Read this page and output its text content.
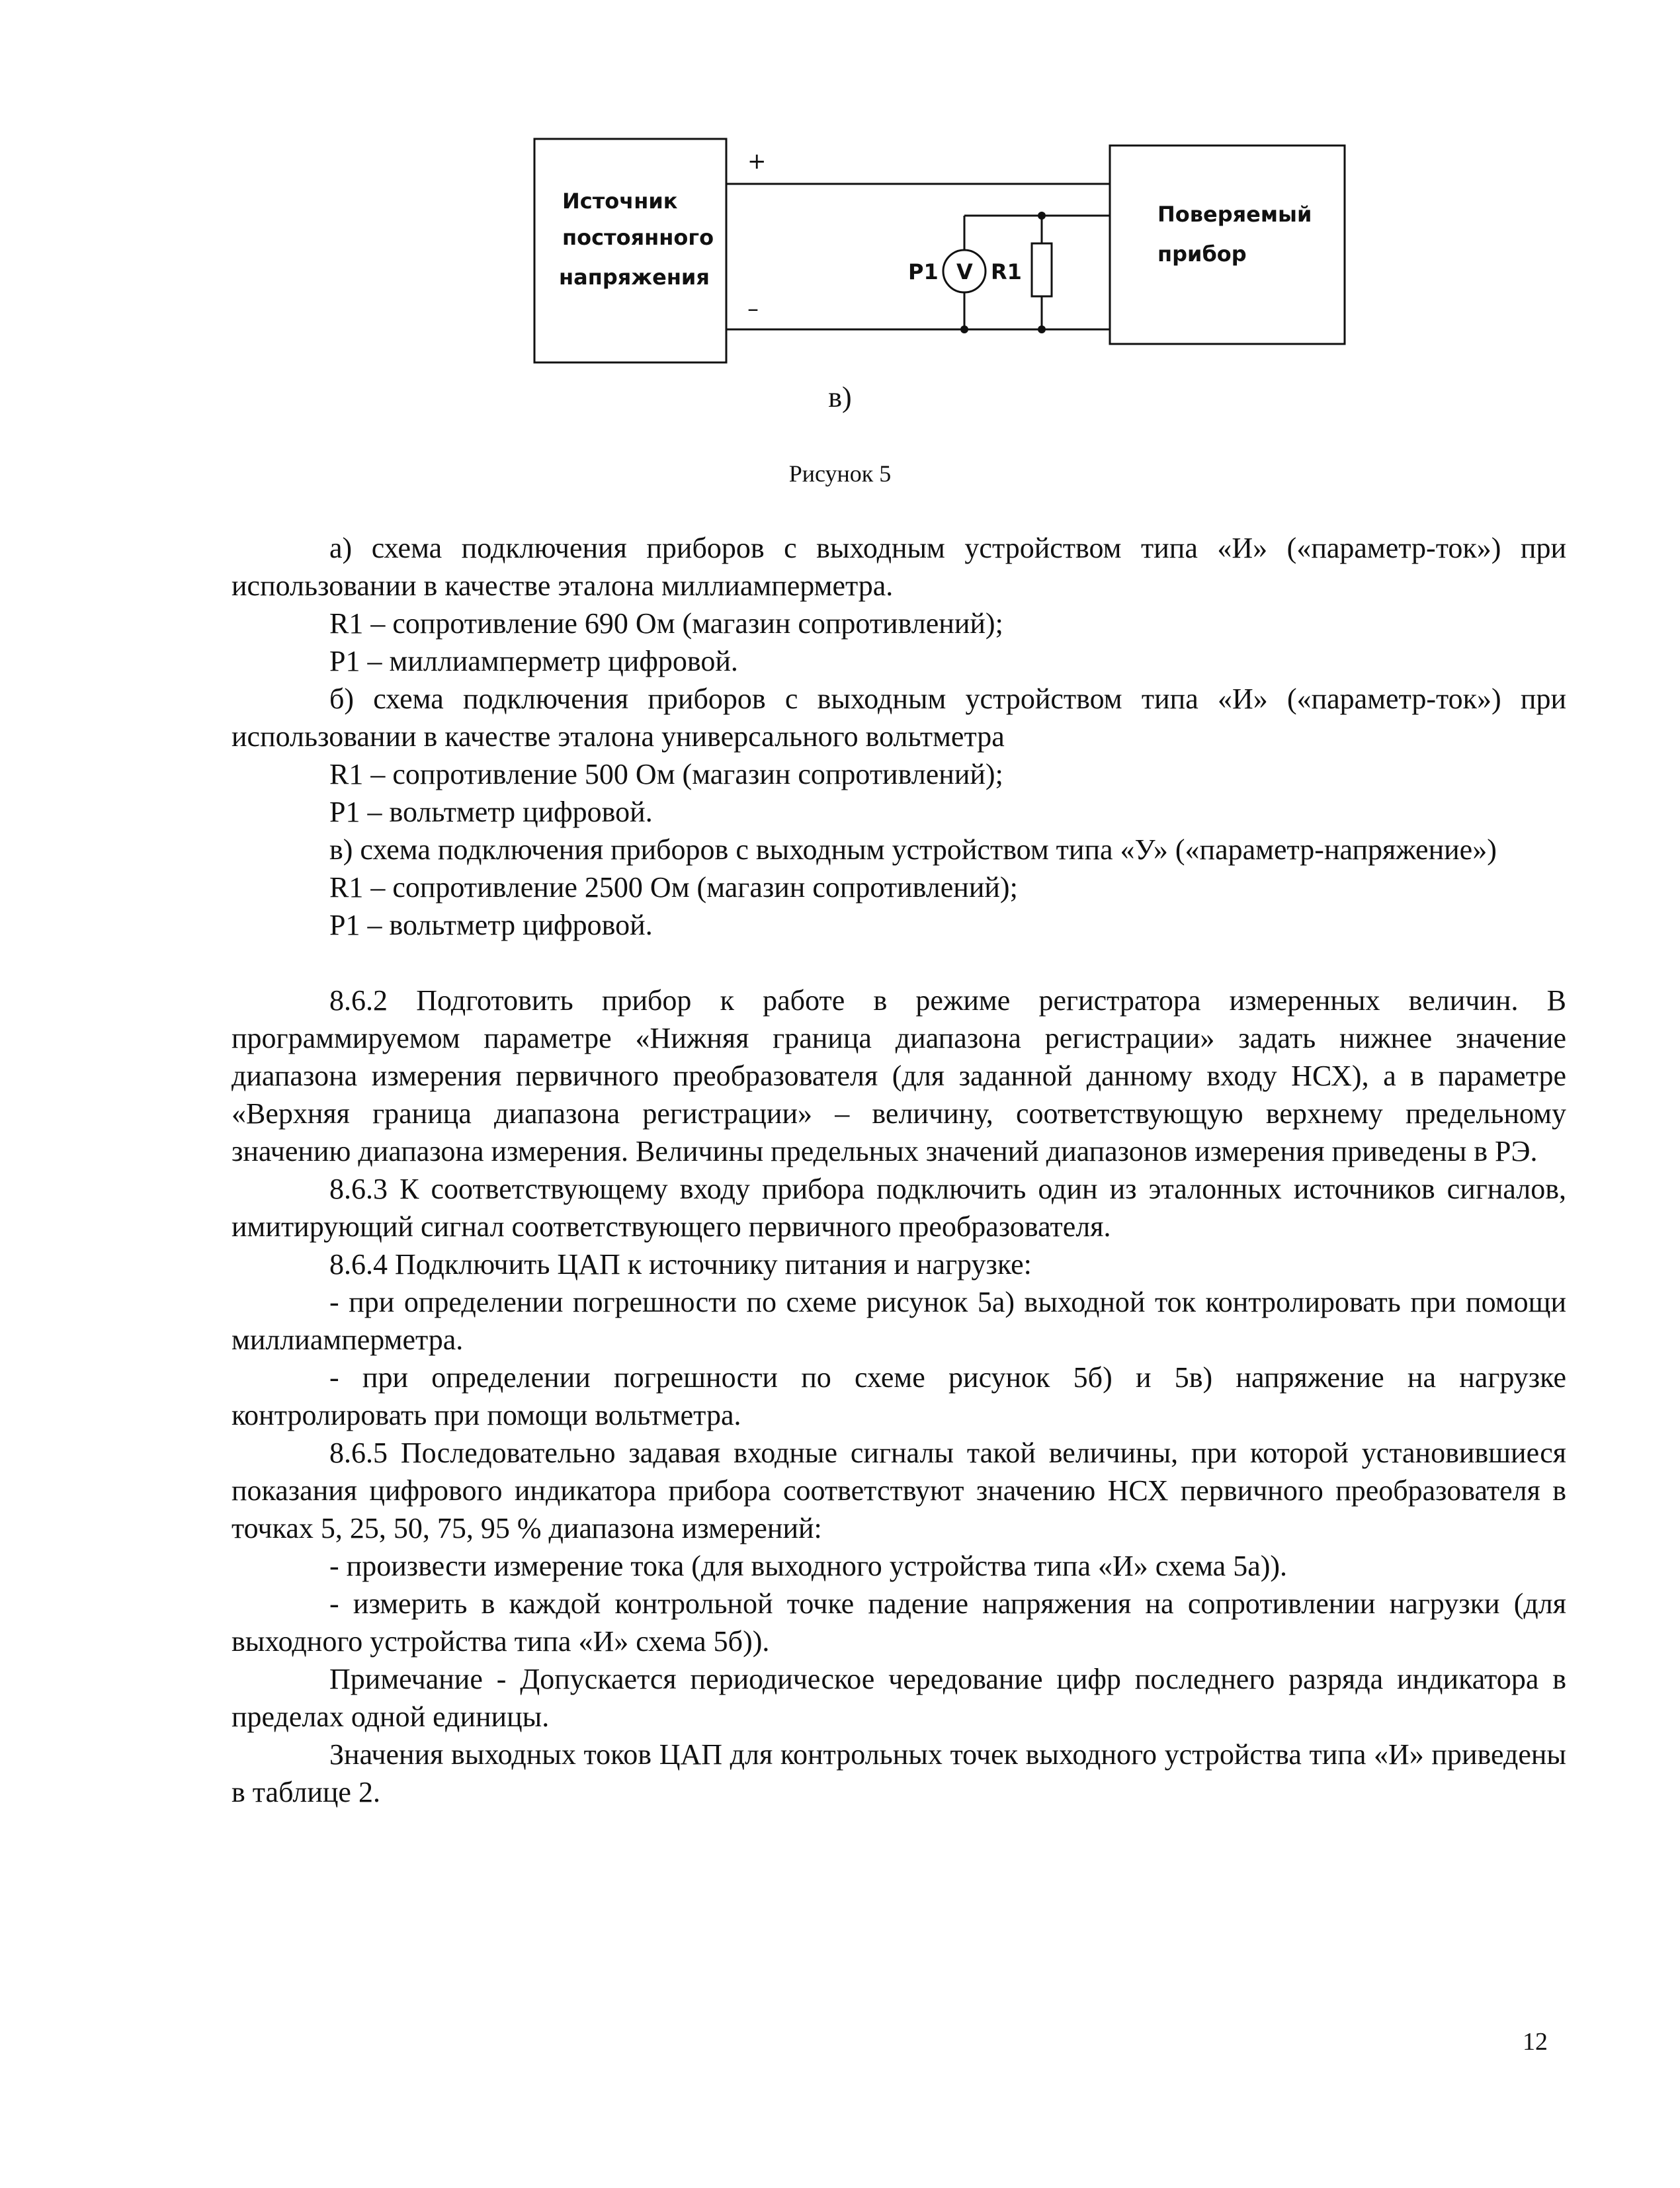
Источник
постоянного
напряжения
Поверяемый
прибор
+
–
V
P1 R1
в)
Рисунок 5

а) схема подключения приборов с выходным устройством типа «И» («параметр-ток») при использовании в качестве эталона миллиамперметра.

R1 – сопротивление 690 Ом (магазин сопротивлений);

Р1 – миллиамперметр цифровой.

б) схема подключения приборов с выходным устройством типа «И» («параметр-ток») при использовании в качестве эталона универсального вольтметра

R1 – сопротивление 500 Ом (магазин сопротивлений);

Р1 – вольтметр цифровой.

в) схема подключения приборов с выходным устройством типа «У» («параметр-напряжение»)

R1 – сопротивление 2500 Ом (магазин сопротивлений);

Р1 – вольтметр цифровой.

8.6.2 Подготовить прибор к работе в режиме регистратора измеренных величин. В программируемом параметре «Нижняя граница диапазона регистрации» задать нижнее значение диапазона измерения первичного преобразователя (для заданной данному входу НСХ), а в параметре «Верхняя граница диапазона регистрации» – величину, соответствующую верхнему предельному значению диапазона измерения. Величины предельных значений диапазонов измерения приведены в РЭ.

8.6.3 К соответствующему входу прибора подключить один из эталонных источников сигналов, имитирующий сигнал соответствующего первичного преобразователя.

8.6.4 Подключить ЦАП к источнику питания и нагрузке:

- при определении погрешности по схеме рисунок 5а) выходной ток контролировать при помощи миллиамперметра.

- при определении погрешности по схеме рисунок 5б) и 5в) напряжение на нагрузке контролировать при помощи вольтметра.

8.6.5 Последовательно задавая входные сигналы такой величины, при которой установившиеся показания цифрового индикатора прибора соответствуют значению НСХ первичного преобразователя в точках 5, 25, 50, 75, 95 % диапазона измерений:

- произвести измерение тока (для выходного устройства типа «И» схема 5а)).

- измерить в каждой контрольной точке падение напряжения на сопротивлении нагрузки (для выходного устройства типа «И» схема 5б)).

Примечание - Допускается периодическое чередование цифр последнего разряда индикатора в пределах одной единицы.

Значения выходных токов ЦАП для контрольных точек выходного устройства типа «И» приведены в таблице 2.

12
